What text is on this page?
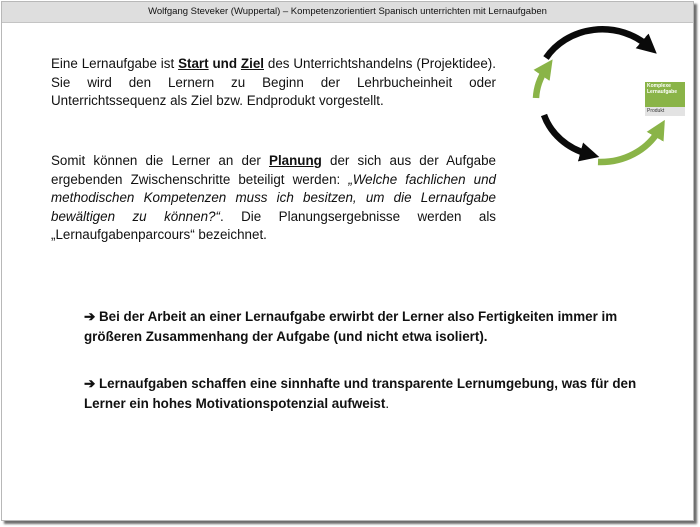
Wolfgang Steveker (Wuppertal) – Kompetenzorientiert Spanisch unterrichten mit Lernaufgaben

Eine Lernaufgabe ist Start und Ziel des Unterrichtshandelns (Projektidee). Sie wird den Lernern zu Beginn der Lehrbucheinheit oder Unterrichtssequenz als Ziel bzw. Endprodukt vorgestellt.

Somit können die Lerner an der Planung der sich aus der Aufgabe ergebenden Zwischenschritte beteiligt werden: „Welche fachlichen und methodischen Kompetenzen muss ich besitzen, um die Lernaufgabe bewältigen zu können?“. Die Planungsergebnisse werden als „Lernaufgabenparcours“ bezeichnet.

➔ Bei der Arbeit an einer Lernaufgabe erwirbt der Lerner also Fertigkeiten immer im größeren Zusammenhang der Aufgabe (und nicht etwa isoliert).

➔ Lernaufgaben schaffen eine sinnhafte und transparente Lernumgebung, was für den Lerner ein hohes Motivationspotenzial aufweist.

Komplexe Lernaufgabe
Produkt
